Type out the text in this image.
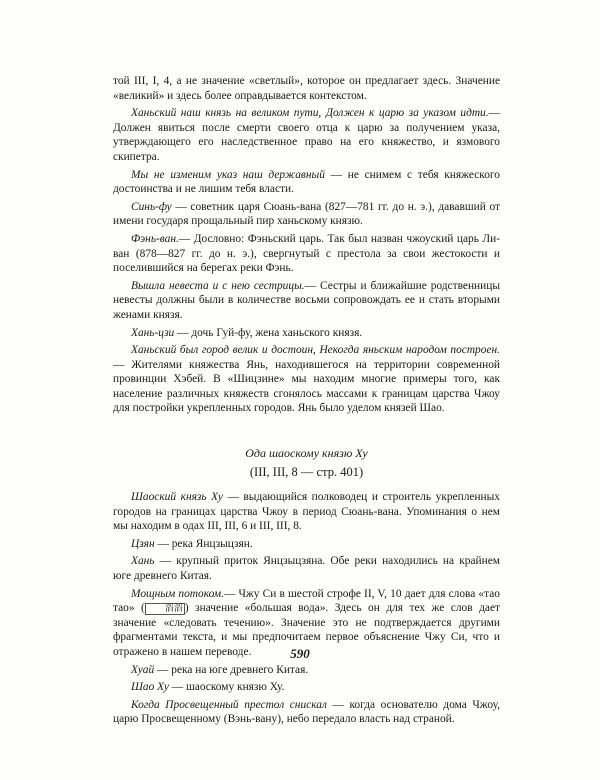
той III, I, 4, а не значение «светлый», которое он предлагает здесь. Значение «великий» и здесь более оправдывается контекстом.

Ханьский наш князь на великом пути, Должен к царю за указом идти.— Должен явиться после смерти своего отца к царю за получением указа, утверждающего его наследственное право на его княжество, и язмового скипетра.

Мы не изменим указ наш державный — не снимем с тебя княжеского достоинства и не лишим тебя власти.

Синь-фу — советник царя Сюань-вана (827—781 гг. до н. э.), дававший от имени государя прощальный пир ханьскому князю.

Фэнь-ван.— Дословно: Фэньский царь. Так был назван чжоуский царь Ли-ван (878—827 гг. до н. э.), свергнутый с престола за свои жестокости и поселившийся на берегах реки Фэнь.

Вышла невеста и с нею сестрицы.— Сестры и ближайшие родственницы невесты должны были в количестве восьми сопровождать ее и стать вторыми женами князя.

Хань-цзи — дочь Гуй-фу, жена ханьского князя.

Ханьский был город велик и достоин, Некогда яньским народом построен.— Жителями княжества Янь, находившегося на территории современной провинции Хэбей. В «Шицзине» мы находим многие примеры того, как население различных княжеств сгонялось массами к границам царства Чжоу для постройки укрепленных городов. Янь было уделом князей Шао.

Ода шаоскому князю Ху
(III, III, 8 — стр. 401)

Шаоский князь Ху — выдающийся полководец и строитель укрепленных городов на границах царства Чжоу в период Сюань-вана. Упоминания о нем мы находим в одах III, III, 6 и III, III, 8.

Цзян — река Янцзыцзян.

Хань — крупный приток Янцзыцзяна. Обе реки находились на крайнем юге древнего Китая.

Мощным потоком.— Чжу Си в шестой строфе II, V, 10 дает для слова «тао тао» ( 滔滔 ) значение «большая вода». Здесь он для тех же слов дает значение «следовать течению». Значение это не подтверждается другими фрагментами текста, и мы предпочитаем первое объяснение Чжу Си, что и отражено в нашем переводе.

Хуай — река на юге древнего Китая.

Шао Ху — шаоскому князю Ху.

Когда Просвещенный престол снискал — когда основателю дома Чжоу, царю Просвещенному (Вэнь-вану), небо передало власть над страной.

590
